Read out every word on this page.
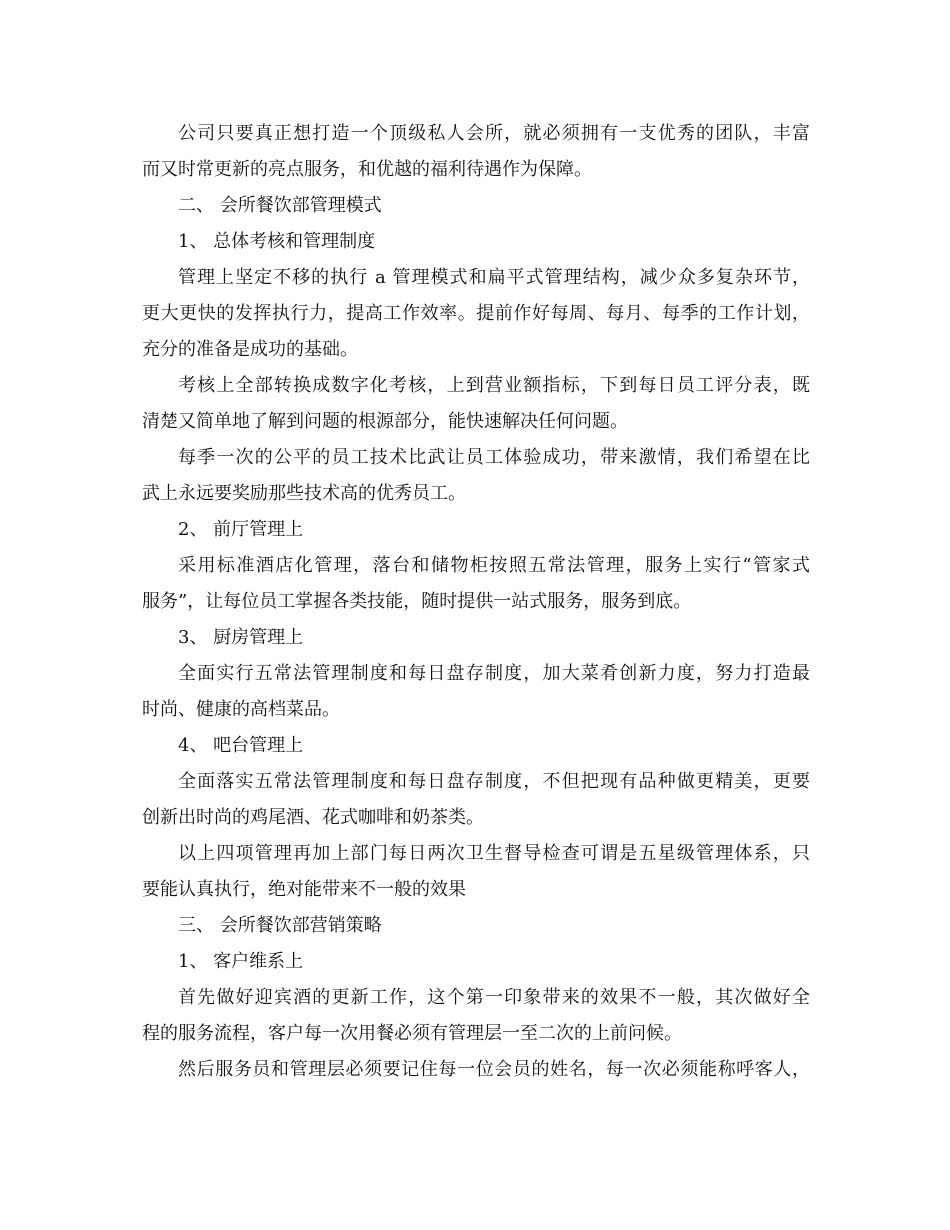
公司只要真正想打造一个顶级私人会所，就必须拥有一支优秀的团队，丰富
而又时常更新的亮点服务，和优越的福利待遇作为保障。
二、 会所餐饮部管理模式
1、 总体考核和管理制度
管理上坚定不移的执行 a 管理模式和扁平式管理结构，减少众多复杂环节，
更大更快的发挥执行力，提高工作效率。提前作好每周、每月、每季的工作计划，
充分的准备是成功的基础。
考核上全部转换成数字化考核，上到营业额指标，下到每日员工评分表，既
清楚又简单地了解到问题的根源部分，能快速解决任何问题。
每季一次的公平的员工技术比武让员工体验成功，带来激情，我们希望在比
武上永远要奖励那些技术高的优秀员工。
2、 前厅管理上
采用标准酒店化管理，落台和储物柜按照五常法管理，服务上实行“管家式
服务”，让每位员工掌握各类技能，随时提供一站式服务，服务到底。
3、 厨房管理上
全面实行五常法管理制度和每日盘存制度，加大菜肴创新力度，努力打造最
时尚、健康的高档菜品。
4、 吧台管理上
全面落实五常法管理制度和每日盘存制度，不但把现有品种做更精美，更要
创新出时尚的鸡尾酒、花式咖啡和奶茶类。
以上四项管理再加上部门每日两次卫生督导检查可谓是五星级管理体系，只
要能认真执行，绝对能带来不一般的效果
三、 会所餐饮部营销策略
1、 客户维系上
首先做好迎宾酒的更新工作，这个第一印象带来的效果不一般，其次做好全
程的服务流程，客户每一次用餐必须有管理层一至二次的上前问候。
然后服务员和管理层必须要记住每一位会员的姓名，每一次必须能称呼客人，
